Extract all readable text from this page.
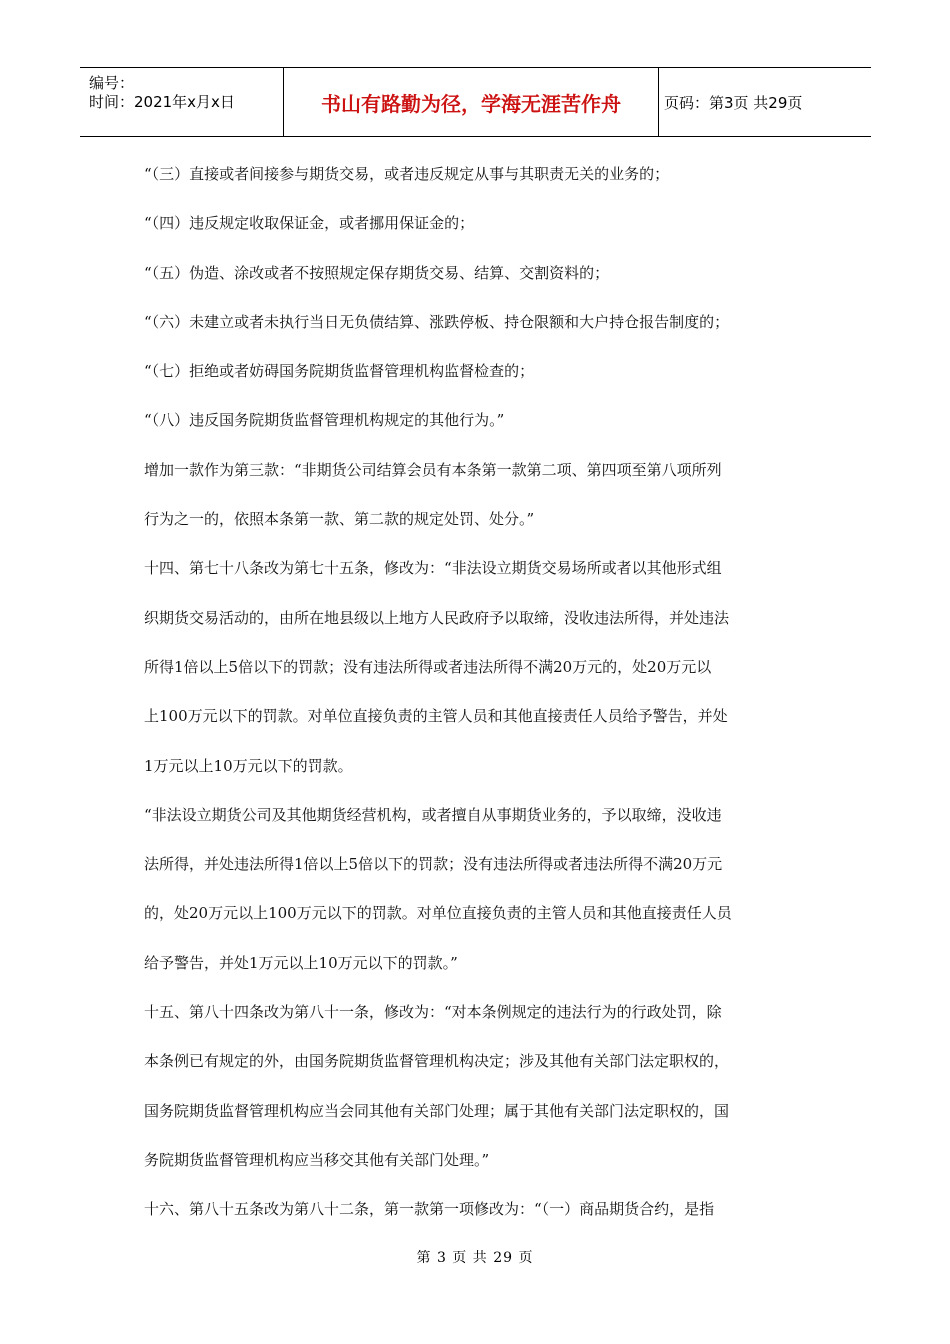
编号：
时间：2021年x月x日	书山有路勤为径，学海无涯苦作舟	页码：第3页 共29页
“（三）直接或者间接参与期货交易，或者违反规定从事与其职责无关的业务的；
“（四）违反规定收取保证金，或者挪用保证金的；
“（五）伪造、涂改或者不按照规定保存期货交易、结算、交割资料的；
“（六）未建立或者未执行当日无负债结算、涨跌停板、持仓限额和大户持仓报告制度的；
“（七）拒绝或者妨碍国务院期货监督管理机构监督检查的；
“（八）违反国务院期货监督管理机构规定的其他行为。”
增加一款作为第三款：“非期货公司结算会员有本条第一款第二项、第四项至第八项所列
行为之一的，依照本条第一款、第二款的规定处罚、处分。”
十四、第七十八条改为第七十五条，修改为：“非法设立期货交易场所或者以其他形式组
织期货交易活动的，由所在地县级以上地方人民政府予以取缔，没收违法所得，并处违法
所得1倍以上5倍以下的罚款；没有违法所得或者违法所得不满20万元的，处20万元以
上100万元以下的罚款。对单位直接负责的主管人员和其他直接责任人员给予警告，并处
1万元以上10万元以下的罚款。
“非法设立期货公司及其他期货经营机构，或者擅自从事期货业务的，予以取缔，没收违
法所得，并处违法所得1倍以上5倍以下的罚款；没有违法所得或者违法所得不满20万元
的，处20万元以上100万元以下的罚款。对单位直接负责的主管人员和其他直接责任人员
给予警告，并处1万元以上10万元以下的罚款。”
十五、第八十四条改为第八十一条，修改为：“对本条例规定的违法行为的行政处罚，除
本条例已有规定的外，由国务院期货监督管理机构决定；涉及其他有关部门法定职权的，
国务院期货监督管理机构应当会同其他有关部门处理；属于其他有关部门法定职权的，国
务院期货监督管理机构应当移交其他有关部门处理。”
十六、第八十五条改为第八十二条，第一款第一项修改为：“（一）商品期货合约，是指
第 3 页 共 29 页
